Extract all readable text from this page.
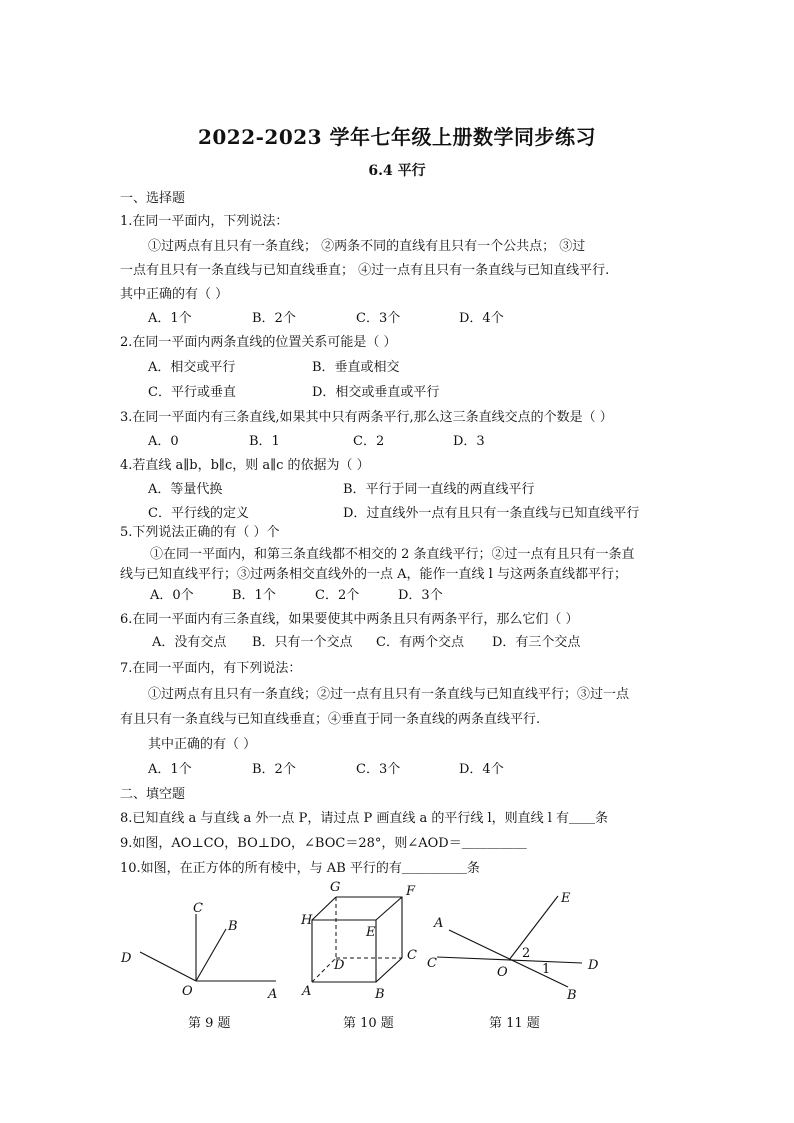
2022-2023 学年七年级上册数学同步练习
6.4 平行
一、选择题
1.在同一平面内，下列说法：
①过两点有且只有一条直线； ②两条不同的直线有且只有一个公共点； ③过
一点有且只有一条直线与已知直线垂直； ④过一点有且只有一条直线与已知直线平行.
其中正确的有（ ）
A．1个	B．2个	C．3个	D．4个
2.在同一平面内两条直线的位置关系可能是（ ）
A．相交或平行	B．垂直或相交
C．平行或垂直	D．相交或垂直或平行
3.在同一平面内有三条直线,如果其中只有两条平行,那么这三条直线交点的个数是（ ）
A．0	B．1	C．2	D．3
4.若直线 a∥b，b∥c，则 a∥c 的依据为（ ）
A．等量代换	B．平行于同一直线的两直线平行
C．平行线的定义	D．过直线外一点有且只有一条直线与已知直线平行
5.下列说法正确的有（ ）个
①在同一平面内，和第三条直线都不相交的 2 条直线平行；②过一点有且只有一条直
线与已知直线平行；③过两条相交直线外的一点 A，能作一直线 l 与这两条直线都平行；
A．0个	B．1个	C．2个	D．3个
6.在同一平面内有三条直线，如果要使其中两条且只有两条平行，那么它们（ ）
A．没有交点 B．只有一个交点 C．有两个交点 D．有三个交点
7.在同一平面内，有下列说法：
①过两点有且只有一条直线；②过一点有且只有一条直线与已知直线平行；③过一点
有且只有一条直线与已知直线垂直；④垂直于同一条直线的两条直线平行.
其中正确的有（ ）
A．1个	B．2个	C．3个	D．4个
二、填空题
8.已知直线 a 与直线 a 外一点 P，请过点 P 画直线 a 的平行线 l，则直线 l 有＿＿条
9.如图，AO⊥CO，BO⊥DO，∠BOC＝28°，则∠AOD＝＿＿＿＿＿
10.如图，在正方体的所有棱中，与 AB 平行的有＿＿＿＿＿条
C
B
D
O	A
G	F
H
E
D
C
A	B
E
A
2
C
O	1	D
B
第 9 题	第 10 题	第 11 题
